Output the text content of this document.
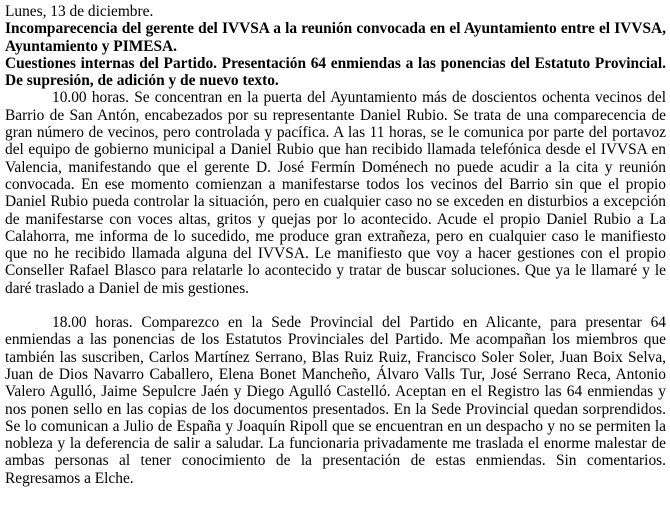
Lunes, 13 de diciembre.

Incomparecencia del gerente del IVVSA a la reunión convocada en el Ayuntamiento entre el IVVSA, Ayuntamiento y PIMESA.

Cuestiones internas del Partido. Presentación 64 enmiendas a las ponencias del Estatuto Provincial. De supresión, de adición y de nuevo texto.

10.00 horas. Se concentran en la puerta del Ayuntamiento más de doscientos ochenta vecinos del Barrio de San Antón, encabezados por su representante Daniel Rubio. Se trata de una comparecencia de gran número de vecinos, pero controlada y pacífica. A las 11 horas, se le comunica por parte del portavoz del equipo de gobierno municipal a Daniel Rubio que han recibido llamada telefónica desde el IVVSA en Valencia, manifestando que el gerente D. José Fermín Doménech no puede acudir a la cita y reunión convocada. En ese momento comienzan a manifestarse todos los vecinos del Barrio sin que el propio Daniel Rubio pueda controlar la situación, pero en cualquier caso no se exceden en disturbios a excepción de manifestarse con voces altas, gritos y quejas por lo acontecido. Acude el propio Daniel Rubio a La Calahorra, me informa de lo sucedido, me produce gran extrañeza, pero en cualquier caso le manifiesto que no he recibido llamada alguna del IVVSA. Le manifiesto que voy a hacer gestiones con el propio Conseller Rafael Blasco para relatarle lo acontecido y tratar de buscar soluciones. Que ya le llamaré y le daré traslado a Daniel de mis gestiones.

18.00 horas. Comparezco en la Sede Provincial del Partido en Alicante, para presentar 64 enmiendas a las ponencias de los Estatutos Provinciales del Partido. Me acompañan los miembros que también las suscriben, Carlos Martínez Serrano, Blas Ruiz Ruiz, Francisco Soler Soler, Juan Boix Selva, Juan de Dios Navarro Caballero, Elena Bonet Mancheño, Álvaro Valls Tur, José Serrano Reca, Antonio Valero Agulló, Jaime Sepulcre Jaén y Diego Agulló Castelló. Aceptan en el Registro las 64 enmiendas y nos ponen sello en las copias de los documentos presentados. En la Sede Provincial quedan sorprendidos. Se lo comunican a Julio de España y Joaquín Ripoll que se encuentran en un despacho y no se permiten la nobleza y la deferencia de salir a saludar. La funcionaria privadamente me traslada el enorme malestar de ambas personas al tener conocimiento de la presentación de estas enmiendas. Sin comentarios. Regresamos a Elche.
